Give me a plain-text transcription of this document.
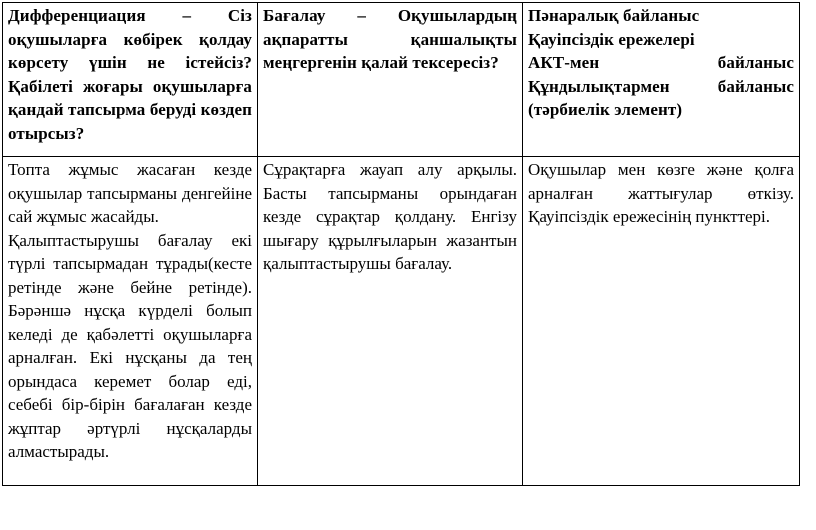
Дифференциация – Сіз оқушыларға көбірек қолдау көрсету үшін не істейсіз? Қабілеті жоғары оқушыларға қандай тапсырма беруді көздеп отырсыз?	Бағалау – Оқушылардың ақпаратты қаншалықты меңгергенін қалай тексересіз?	Пәнаралық байланыс
Қауіпсіздік ережелері
АКТ-мен байланыс
Құндылықтармен байланыс (тәрбиелік элемент)

Топта жұмыс жасаған кезде оқушылар тапсырманы денгейіне сай жұмыс жасайды.
Қалыптастырушы бағалау екі түрлі тапсырмадан тұрады(кесте ретінде және бейне ретінде). Бәрәншә нұсқа күрделі болып келеді де қабәлетті оқушыларға арналған. Екі нұсқаны да тең орындаса керемет болар еді, себебі бір-бірін бағалаған кезде жұптар әртүрлі нұсқаларды алмастырады.	Сұрақтарға жауап алу арқылы. Басты тапсырманы орындаған кезде сұрақтар қолдану. Енгізу шығару құрылғыларын жазантын қалыптастырушы бағалау.	Оқушылар мен көзге және қолға арналған жаттығулар өткізу. Қауіпсіздік ережесінің пункттері.
